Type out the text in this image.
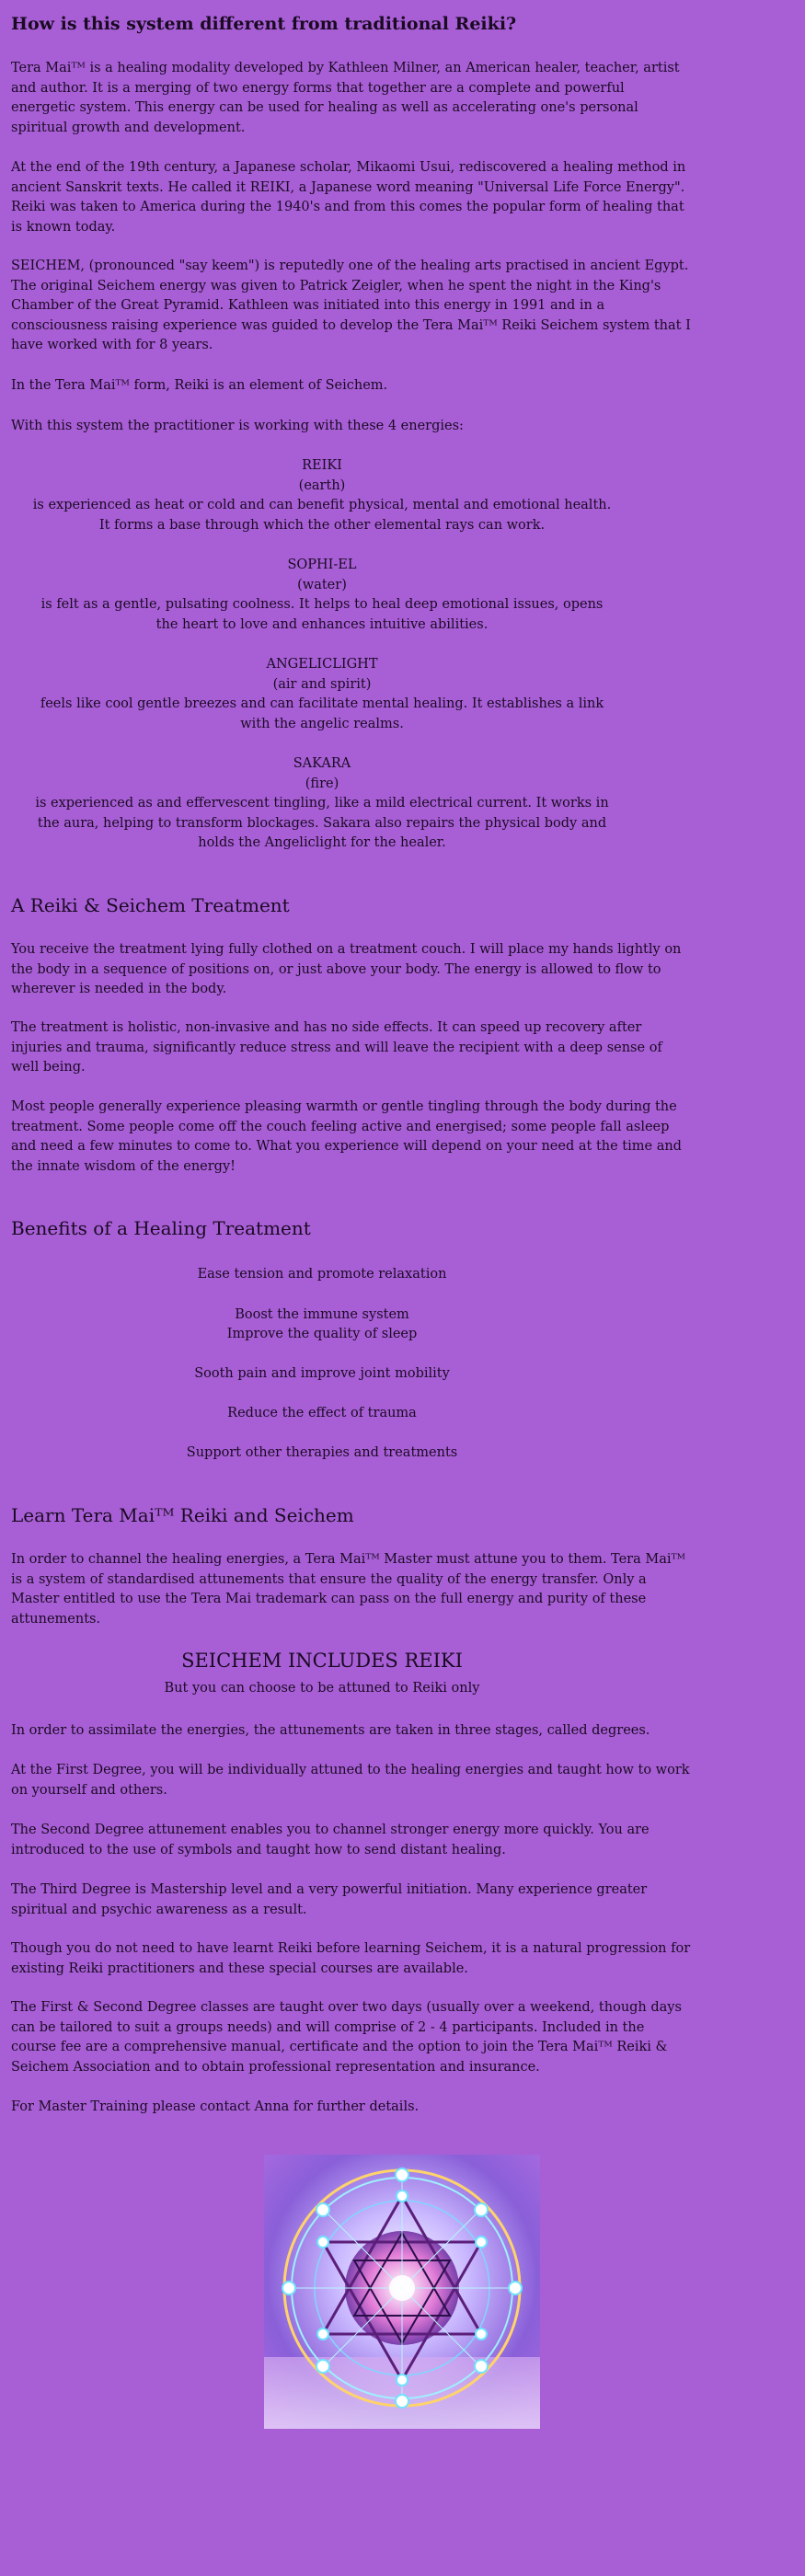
How is this system different from traditional Reiki?

Tera Maiᵀᴹ is a healing modality developed by Kathleen Milner, an American healer, teacher, artist and author. It is a merging of two energy forms that together are a complete and powerful energetic system. This energy can be used for healing as well as accelerating one's personal spiritual growth and development.

At the end of the 19th century, a Japanese scholar, Mikaomi Usui, rediscovered a healing method in ancient Sanskrit texts. He called it REIKI, a Japanese word meaning "Universal Life Force Energy". Reiki was taken to America during the 1940's and from this comes the popular form of healing that is known today.

SEICHEM, (pronounced "say keem") is reputedly one of the healing arts practised in ancient Egypt. The original Seichem energy was given to Patrick Zeigler, when he spent the night in the King's Chamber of the Great Pyramid. Kathleen was initiated into this energy in 1991 and in a consciousness raising experience was guided to develop the Tera Maiᵀᴹ Reiki Seichem system that I have worked with for 8 years.

In the Tera Maiᵀᴹ form, Reiki is an element of Seichem.

With this system the practitioner is working with these 4 energies:

REIKI
(earth)
is experienced as heat or cold and can benefit physical, mental and emotional health.
It forms a base through which the other elemental rays can work.
SOPHI-EL
(water)
is felt as a gentle, pulsating coolness. It helps to heal deep emotional issues, opens
the heart to love and enhances intuitive abilities.
ANGELICLIGHT
(air and spirit)
feels like cool gentle breezes and can facilitate mental healing. It establishes a link
with the angelic realms.
SAKARA
(fire)
is experienced as and effervescent tingling, like a mild electrical current. It works in
the aura, helping to transform blockages. Sakara also repairs the physical body and
holds the Angeliclight for the healer.
A Reiki & Seichem Treatment

You receive the treatment lying fully clothed on a treatment couch. I will place my hands lightly on the body in a sequence of positions on, or just above your body. The energy is allowed to flow to wherever is needed in the body.

The treatment is holistic, non-invasive and has no side effects. It can speed up recovery after injuries and trauma, significantly reduce stress and will leave the recipient with a deep sense of well being.

Most people generally experience pleasing warmth or gentle tingling through the body during the treatment. Some people come off the couch feeling active and energised; some people fall asleep and need a few minutes to come to. What you experience will depend on your need at the time and the innate wisdom of the energy!

Benefits of a Healing Treatment
Ease tension and promote relaxation
Boost the immune system
Improve the quality of sleep
Sooth pain and improve joint mobility
Reduce the effect of trauma
Support other therapies and treatments
Learn Tera Maiᵀᴹ Reiki and Seichem

In order to channel the healing energies, a Tera Maiᵀᴹ Master must attune you to them. Tera Maiᵀᴹ is a system of standardised attunements that ensure the quality of the energy transfer. Only a Master entitled to use the Tera Mai trademark can pass on the full energy and purity of these attunements.

SEICHEM INCLUDES REIKI
But you can choose to be attuned to Reiki only

In order to assimilate the energies, the attunements are taken in three stages, called degrees.

At the First Degree, you will be individually attuned to the healing energies and taught how to work on yourself and others.

The Second Degree attunement enables you to channel stronger energy more quickly. You are introduced to the use of symbols and taught how to send distant healing.

The Third Degree is Mastership level and a very powerful initiation. Many experience greater spiritual and psychic awareness as a result.

Though you do not need to have learnt Reiki before learning Seichem, it is a natural progression for existing Reiki practitioners and these special courses are available.

The First & Second Degree classes are taught over two days (usually over a weekend, though days can be tailored to suit a groups needs) and will comprise of 2 - 4 participants. Included in the course fee are a comprehensive manual, certificate and the option to join the Tera Maiᵀᴹ Reiki & Seichem Association and to obtain professional representation and insurance.

For Master Training please contact Anna for further details.
